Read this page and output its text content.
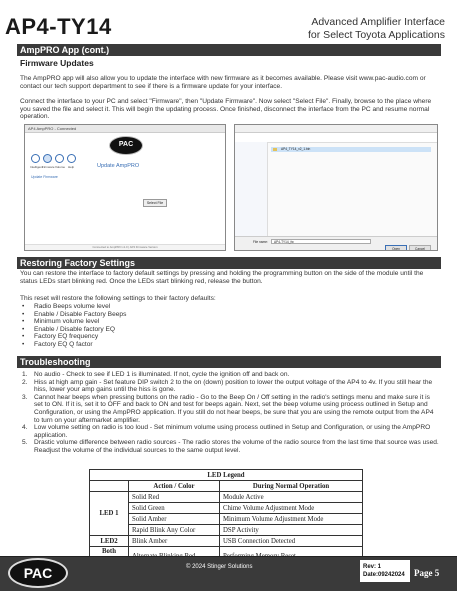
AP4-TY14	Advanced Amplifier Interface
for Select Toyota Applications
AmpPRO App (cont.)
Firmware Updates
The AmpPRO app will also allow you to update the interface with new firmware as it becomes available. Please visit www.pac-audio.com or contact our tech support department to see if there is a firmware update for your interface.
Connect the interface to your PC and select "Firmware", then "Update Firmware". Now select "Select File". Finally, browse to the place where you saved the file and select it. This will begin the updating process. Once finished, disconnect the interface from the PC and resume normal operation.
AP4 AmpPRO - Connected
PAC
Update AmpPRO
Intelligent Firmware Volume Help
Update Firmware
Select File
Connected to AmpPRO v1.0 | AP4 Firmware Version
AP4_TY14_v2_1.bin
File name:	AP4-TY14_fw
Open	Cancel
Restoring Factory Settings
You can restore the interface to factory default settings by pressing and holding the programming button on the side of the module until the status LEDs start blinking red. Once the LEDs start blinking red, release the button.
This reset will restore the following settings to their factory defaults:
• Radio Beeps volume level
• Enable / Disable Factory Beeps
• Minimum volume level
• Enable / Disable factory EQ
• Factory EQ frequency
• Factory EQ Q factor
Troubleshooting
1. No audio - Check to see if LED 1 is illuminated. If not, cycle the ignition off and back on.
2. Hiss at high amp gain - Set feature DIP switch 2 to the on (down) position to lower the output voltage of the AP4 to 4v. If you still hear the hiss, lower your amp gains until the hiss is gone.
3. Cannot hear beeps when pressing buttons on the radio - Go to the Beep On / Off setting in the radio's settings menu and make sure it is set to ON. If it is, set it to OFF and back to ON and test for beeps again. Next, set the beep volume using process outlined in Setup and Configuration, or using the AmpPRO application. If you still do not hear beeps, be sure that you are using the remote output from the AP4 to turn on your aftermarket amplifier.
4. Low volume setting on radio is too loud - Set minimum volume using process outlined in Setup and Configuration, or using the AmpPRO application.
5. Drastic volume difference between radio sources - The radio stores the volume of the radio source from the last time that source was used. Readjust the volume of the individual sources to the same output level.
LED Legend		
	Action / Color	During Normal Operation
LED 1	Solid Red	Module Active
	Solid Green	Chime Volume Adjustment Mode
	Solid Amber	Minimum Volume Adjustment Mode
	Rapid Blink Any Color	DSP Activity
LED2	Blink Amber	USB Connection Detected
Both		
PAC	© 2024 Stinger Solutions	Rev: 1
Date:09242024 Page 5
